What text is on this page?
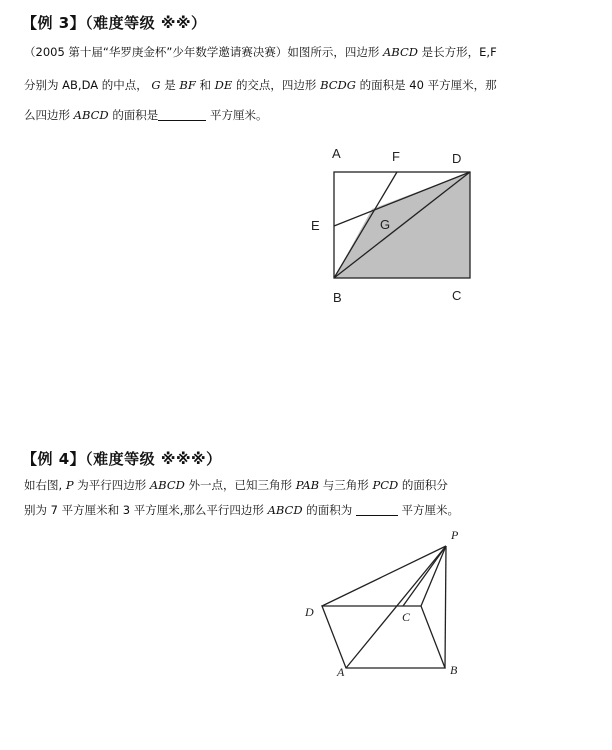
【例 3】（难度等级 ※※）
（2005 第十届“华罗庚金杯”少年数学邀请赛决赛）如图所示，四边形 ABCD 是长方形，E,F
分别为 AB,DA 的中点， G 是 BF 和 DE 的交点，四边形 BCDG 的面积是 40 平方厘米，那
么四边形 ABCD 的面积是	平方厘米。
A	F	D
E	G
B	C
【例 4】（难度等级 ※※※）
如右图, P 为平行四边形 ABCD 外一点，已知三角形 PAB 与三角形 PCD 的面积分
别为 7 平方厘米和 3 平方厘米,那么平行四边形 ABCD 的面积为	平方厘米。
P
D	C
A	B
